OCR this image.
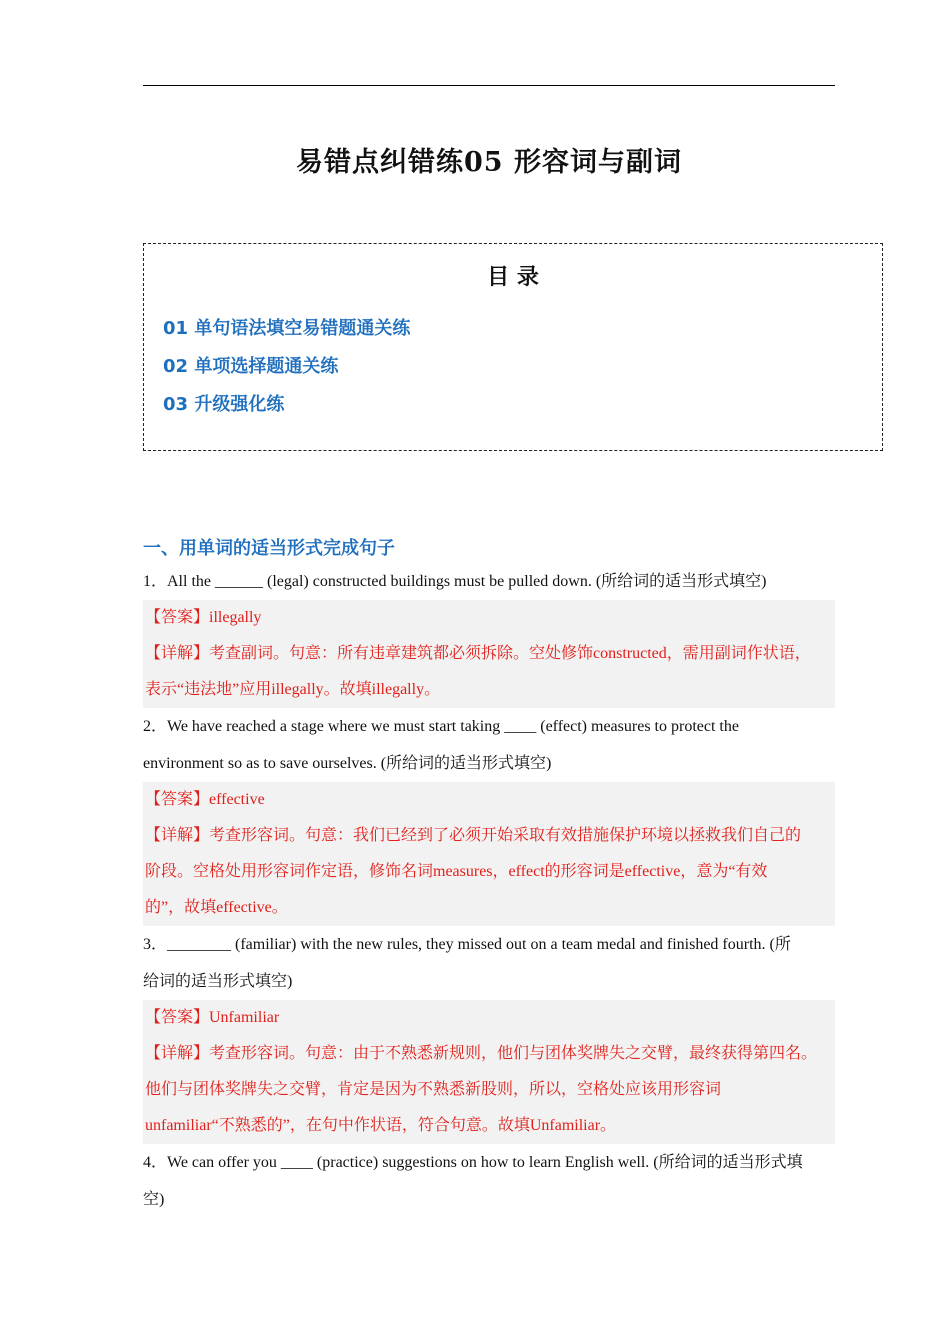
易错点纠错练05 形容词与副词
目 录
01 单句语法填空易错题通关练
02 单项选择题通关练
03 升级强化练
一、用单词的适当形式完成句子

1．All the ______ (legal) constructed buildings must be pulled down. (所给词的适当形式填空)

【答案】illegally

【详解】考查副词。句意：所有违章建筑都必须拆除。空处修饰constructed，需用副词作状语，

表示“违法地”应用illegally。故填illegally。

2．We have reached a stage where we must start taking ____ (effect) measures to protect the

environment so as to save ourselves. (所给词的适当形式填空)

【答案】effective

【详解】考查形容词。句意：我们已经到了必须开始采取有效措施保护环境以拯救我们自己的

阶段。空格处用形容词作定语，修饰名词measures，effect的形容词是effective，意为“有效

的”，故填effective。

3．________ (familiar) with the new rules, they missed out on a team medal and finished fourth. (所

给词的适当形式填空)

【答案】Unfamiliar

【详解】考查形容词。句意：由于不熟悉新规则，他们与团体奖牌失之交臂，最终获得第四名。

他们与团体奖牌失之交臂，肯定是因为不熟悉新股则，所以，空格处应该用形容词

unfamiliar“不熟悉的”，在句中作状语，符合句意。故填Unfamiliar。

4．We can offer you ____ (practice) suggestions on how to learn English well. (所给词的适当形式填

空)
